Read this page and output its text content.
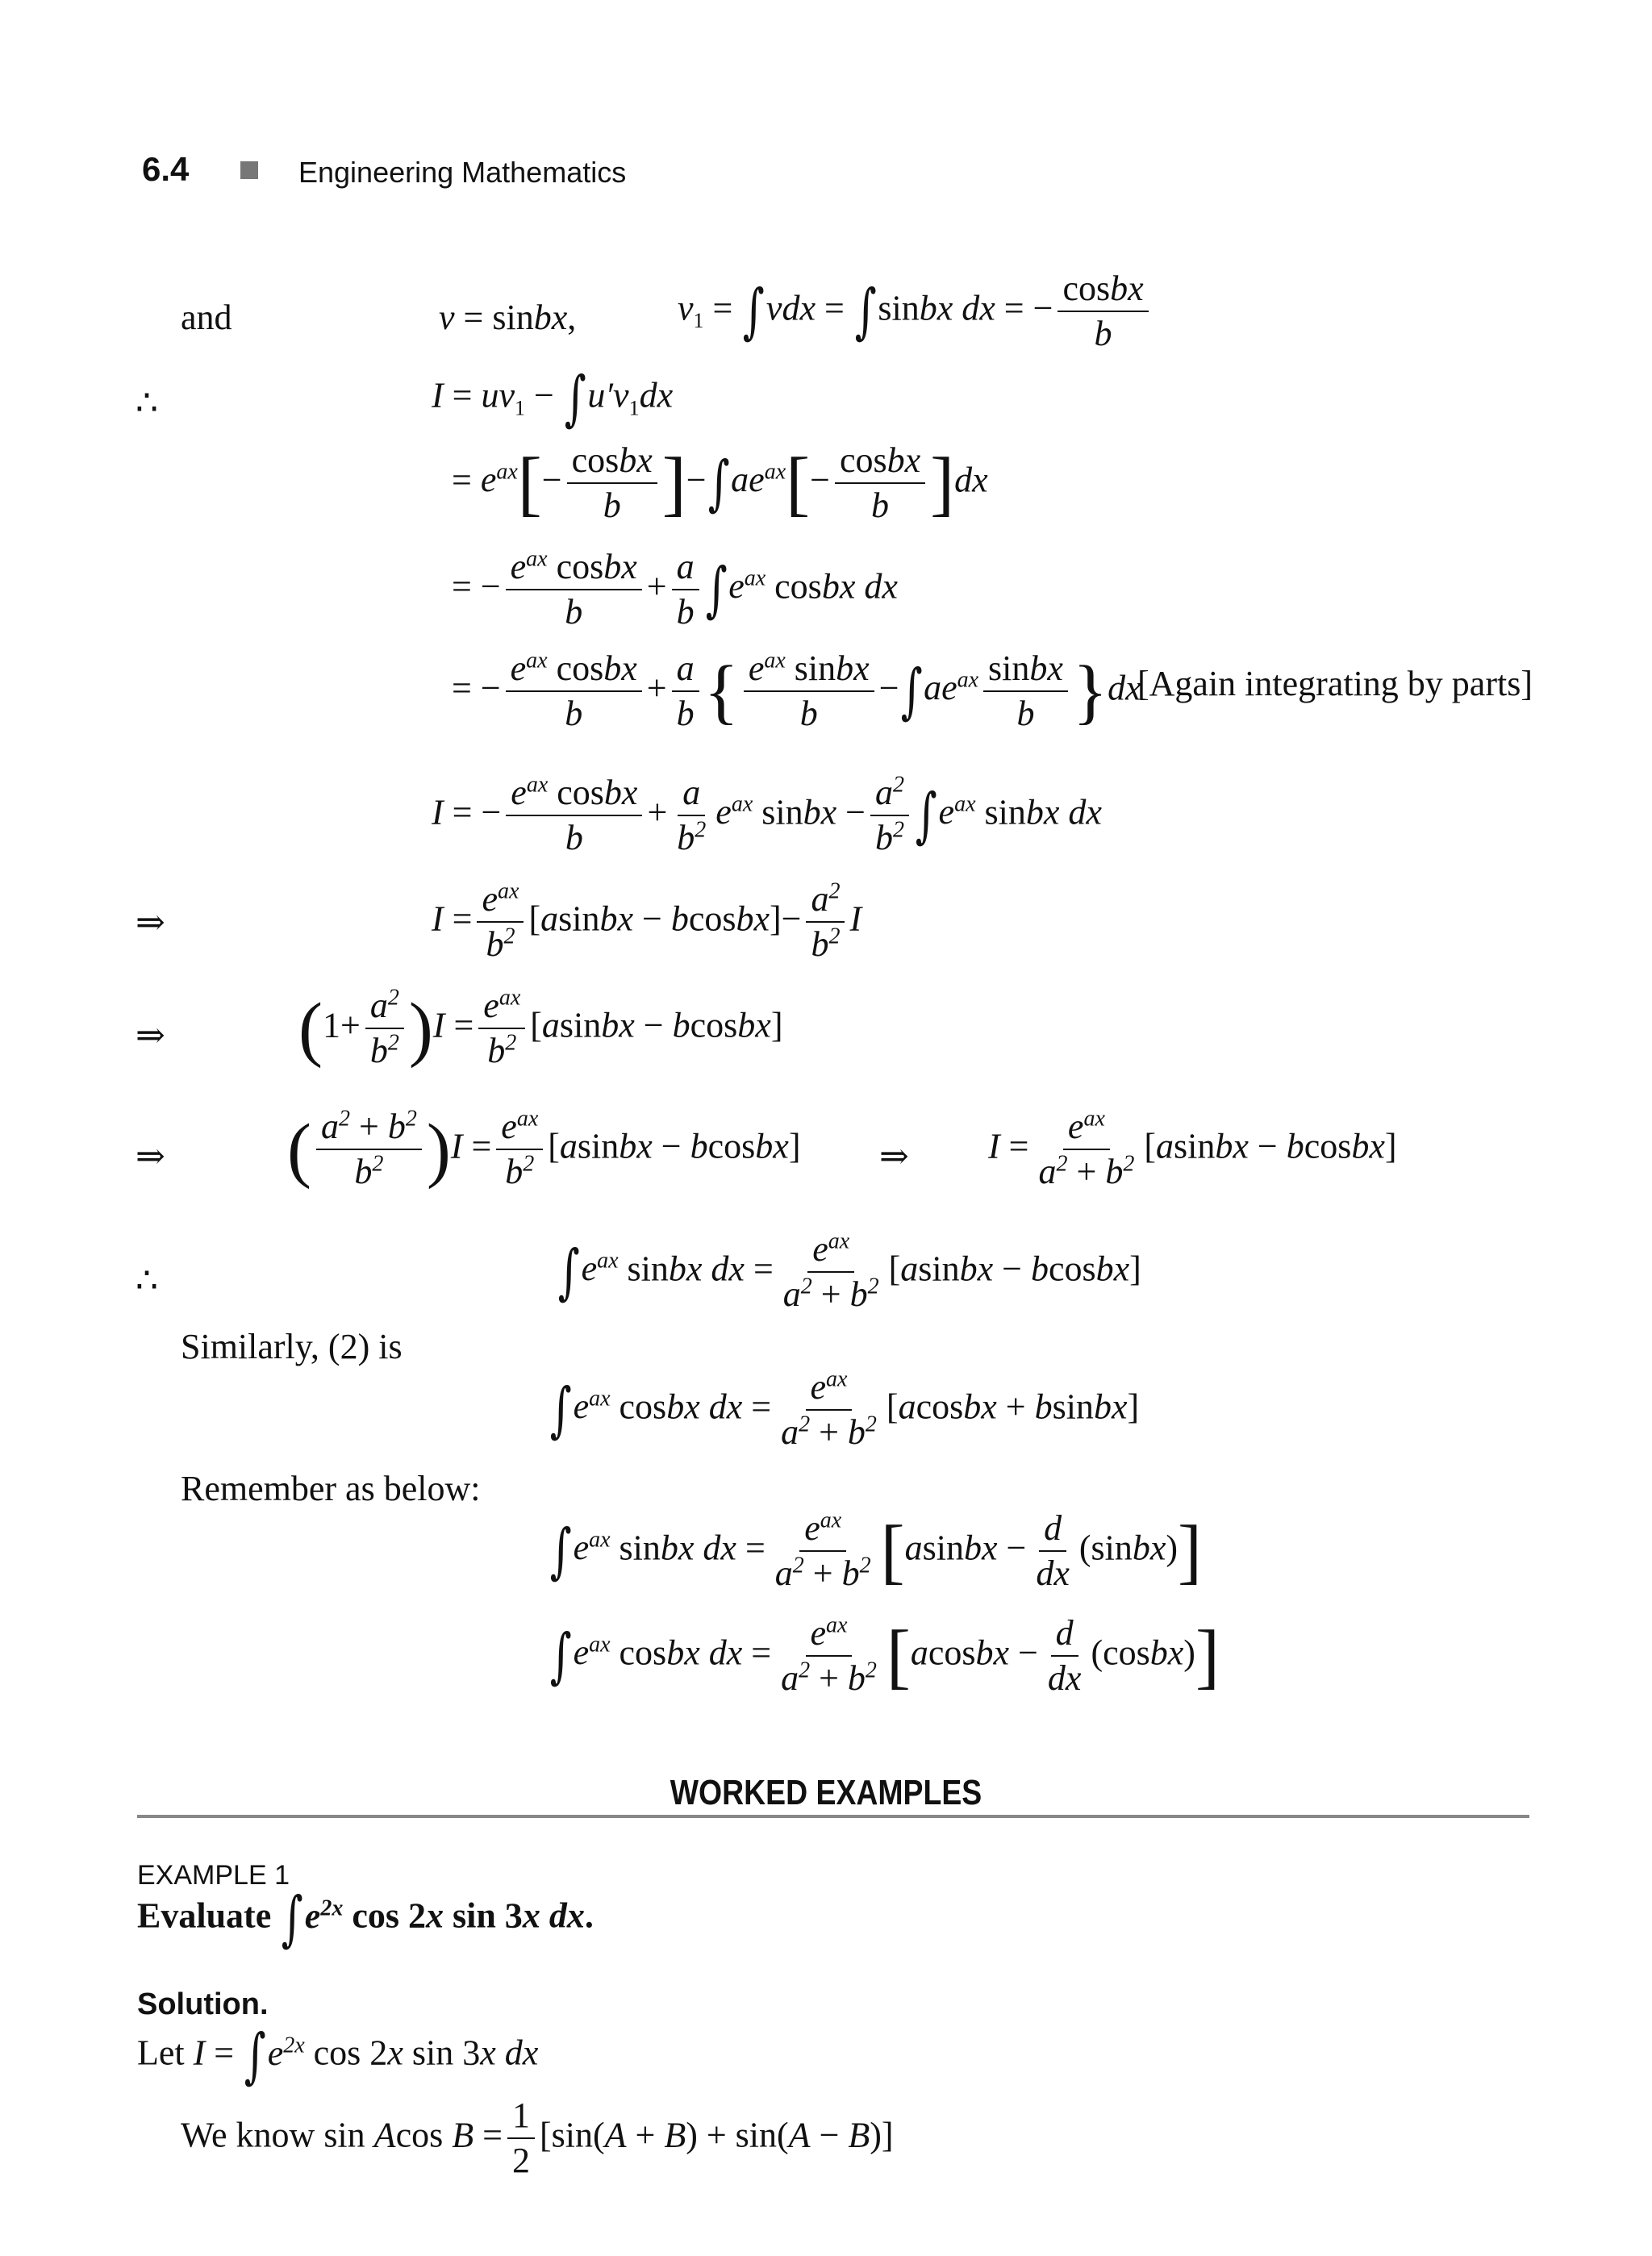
6.4	Engineering Mathematics
and	v = sinbx,	$v_1 = \int vdx$ = ∫sinbx dx = − $\frac{\text{cosbx}}{b}$
∴	$I = uv_1 - \int u'v_1dx$
= $e^{ax}[- \frac{\text{cosbx}}{b} ]-\int ae^{ax}[- \frac{\text{cosbx}}{b} ]dx$
= − $\frac{e^{ax} cosbx}{b} + \frac{a}{b} \int e^{ax}$ cosbx dx
= − $\frac{e^{ax} cosbx}{b} + \frac{a}{b}$ { $\frac{e^{ax} sinbx}{b} -\int ae^{ax} \frac{\text{sinbx}}{b} \}dx$
[Again integrating by parts]
I = − $\frac{e^{ax} cosbx}{b} + \frac{a}{b^2} e^{ax}$ sinbx − $\frac{a^2}{b^2} \int e^{ax}$ sinbx dx
⇒	$I = \frac{e^{ax}}{b^2}$ [asinbx − bcosbx]− $\frac{a^2}{b^2}$ I
⇒ $(1+ \frac{a^2}{b^2} )I = \frac{e^{ax}}{b^2}$ [asinbx − bcosbx]
⇒ ( $\frac{a^2 + b^2}{b^2} )I = \frac{e^{ax}}{b^2}$ [asinbx − bcosbx] ⇒ $I = \frac{e^{ax}}{a^2 + b^2}$ [asinbx − bcosbx]
∴	$\int e^{ax}$ sinbx dx = $\frac{e^{ax}}{a^2 + b^2}$ [asinbx − bcosbx]
Similarly, (2) is
$\int e^{ax}$ cosbx dx = $\frac{e^{ax}}{a^2 + b^2}$ [acosbx + bsinbx]
Remember as below:
$\int e^{ax}$ sinbx dx = $\frac{e^{ax}}{a^2 + b^2}$ [asinbx − $\frac{d}{dx}$ (sinbx)]
$\int e^{ax}$ cosbx dx = $\frac{e^{ax}}{a^2 + b^2}$ [acosbx − $\frac{d}{dx}$ (cosbx)]
WORKED EXAMPLES
EXAMPLE 1
Evaluate $\int e^{2x}$ cos 2x sin 3x dx.
Solution.
Let $I = \int e^{2x}$ cos 2x sin 3x dx
We know sin Acos $B = \frac{1}{2} [\sin(A + B) + \sin(A - B)]$
